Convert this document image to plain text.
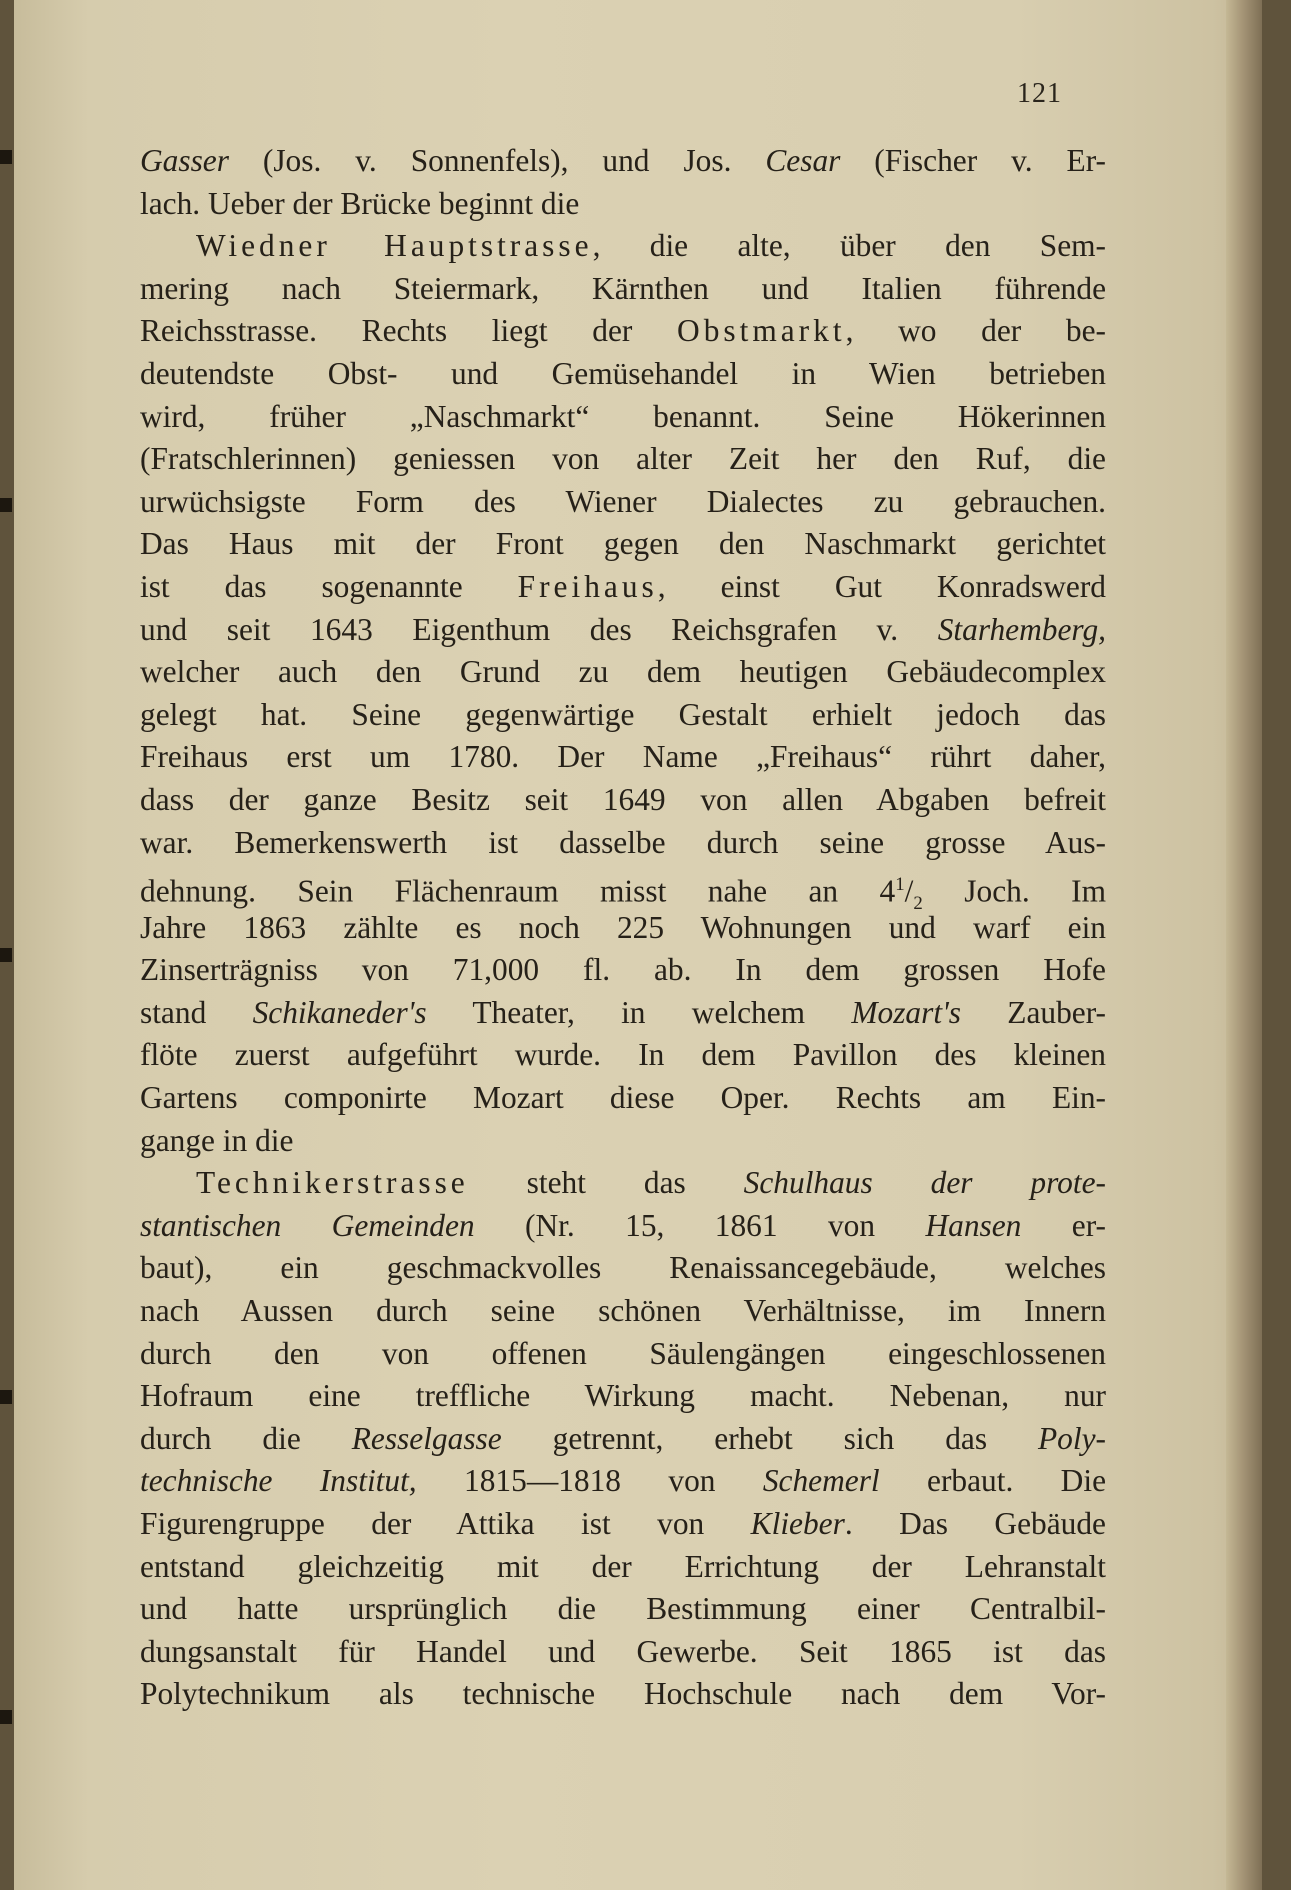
121
Gasser (Jos. v. Sonnenfels), und Jos. Cesar (Fischer v. Er-
lach. Ueber der Brücke beginnt die
Wiedner Hauptstrasse, die alte, über den Sem-
mering nach Steiermark, Kärnthen und Italien führende
Reichsstrasse. Rechts liegt der Obstmarkt, wo der be-
deutendste Obst- und Gemüsehandel in Wien betrieben
wird, früher „Naschmarkt“ benannt. Seine Hökerinnen
(Fratschlerinnen) geniessen von alter Zeit her den Ruf, die
urwüchsigste Form des Wiener Dialectes zu gebrauchen.
Das Haus mit der Front gegen den Naschmarkt gerichtet
ist das sogenannte Freihaus, einst Gut Konradswerd
und seit 1643 Eigenthum des Reichsgrafen v. Starhemberg,
welcher auch den Grund zu dem heutigen Gebäudecomplex
gelegt hat. Seine gegenwärtige Gestalt erhielt jedoch das
Freihaus erst um 1780. Der Name „Freihaus“ rührt daher,
dass der ganze Besitz seit 1649 von allen Abgaben befreit
war. Bemerkenswerth ist dasselbe durch seine grosse Aus-
dehnung. Sein Flächenraum misst nahe an $4^1/_2$ Joch. Im
Jahre 1863 zählte es noch 225 Wohnungen und warf ein
Zinserträgniss von 71,000 fl. ab. In dem grossen Hofe
stand Schikaneder's Theater, in welchem Mozart's Zauber-
flöte zuerst aufgeführt wurde. In dem Pavillon des kleinen
Gartens componirte Mozart diese Oper. Rechts am Ein-
gange in die
Technikerstrasse steht das Schulhaus der prote-
stantischen Gemeinden (Nr. 15, 1861 von Hansen er-
baut), ein geschmackvolles Renaissancegebäude, welches
nach Aussen durch seine schönen Verhältnisse, im Innern
durch den von offenen Säulengängen eingeschlossenen
Hofraum eine treffliche Wirkung macht. Nebenan, nur
durch die Resselgasse getrennt, erhebt sich das Poly-
technische Institut, 1815—1818 von Schemerl erbaut. Die
Figurengruppe der Attika ist von Klieber. Das Gebäude
entstand gleichzeitig mit der Errichtung der Lehranstalt
und hatte ursprünglich die Bestimmung einer Centralbil-
dungsanstalt für Handel und Gewerbe. Seit 1865 ist das
Polytechnikum als technische Hochschule nach dem Vor-
